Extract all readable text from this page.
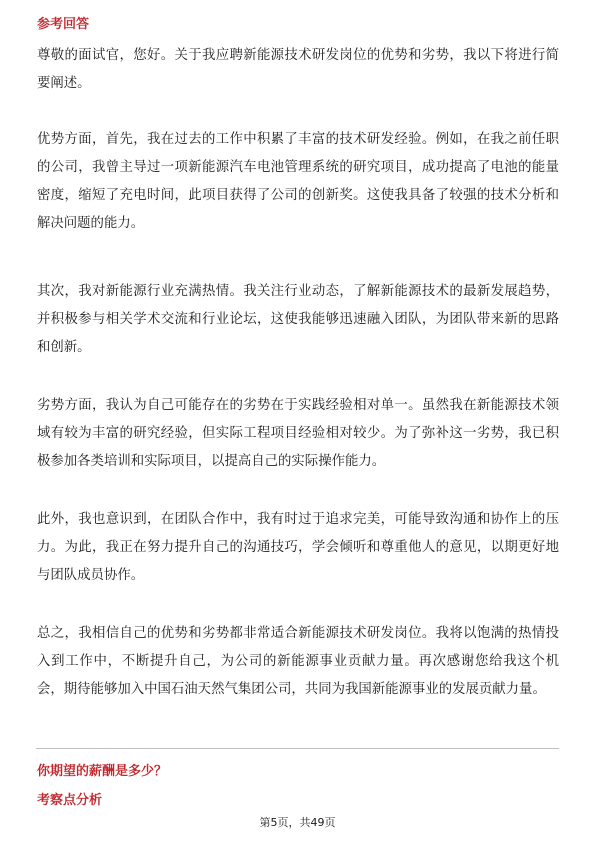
参考回答

尊敬的面试官，您好。关于我应聘新能源技术研发岗位的优势和劣势，我以下将进行简要阐述。

优势方面，首先，我在过去的工作中积累了丰富的技术研发经验。例如，在我之前任职的公司，我曾主导过一项新能源汽车电池管理系统的研究项目，成功提高了电池的能量密度，缩短了充电时间，此项目获得了公司的创新奖。这使我具备了较强的技术分析和解决问题的能力。

其次，我对新能源行业充满热情。我关注行业动态，了解新能源技术的最新发展趋势，并积极参与相关学术交流和行业论坛，这使我能够迅速融入团队，为团队带来新的思路和创新。

劣势方面，我认为自己可能存在的劣势在于实践经验相对单一。虽然我在新能源技术领域有较为丰富的研究经验，但实际工程项目经验相对较少。为了弥补这一劣势，我已积极参加各类培训和实际项目，以提高自己的实际操作能力。

此外，我也意识到，在团队合作中，我有时过于追求完美，可能导致沟通和协作上的压力。为此，我正在努力提升自己的沟通技巧，学会倾听和尊重他人的意见，以期更好地与团队成员协作。

总之，我相信自己的优势和劣势都非常适合新能源技术研发岗位。我将以饱满的热情投入到工作中，不断提升自己，为公司的新能源事业贡献力量。再次感谢您给我这个机会，期待能够加入中国石油天然气集团公司，共同为我国新能源事业的发展贡献力量。

你期望的薪酬是多少？
考察点分析
第5页，共49页
